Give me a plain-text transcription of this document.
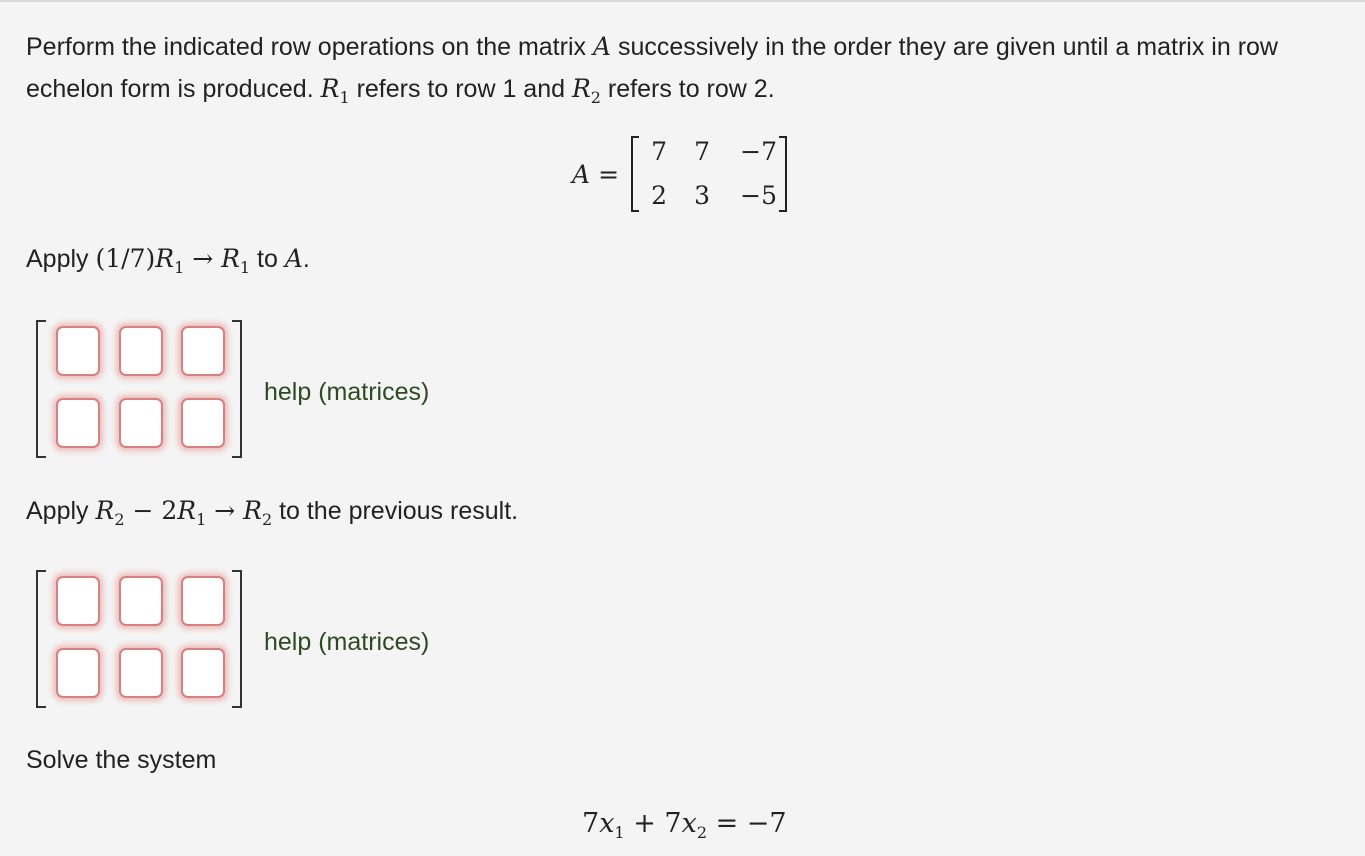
Perform the indicated row operations on the matrix A successively in the order they are given until a matrix in row echelon form is produced. $R_1$ refers to row 1 and $R_2$ refers to row 2.
A =
7	7	−7
2	3	−5
Apply $(1/7)R_1 \to R_1$ to A.
help (matrices)
Apply $R_2 - 2R_1 \to R_2$ to the previous result.
help (matrices)
Solve the system
$7x_1 + 7x_2 = -7$
